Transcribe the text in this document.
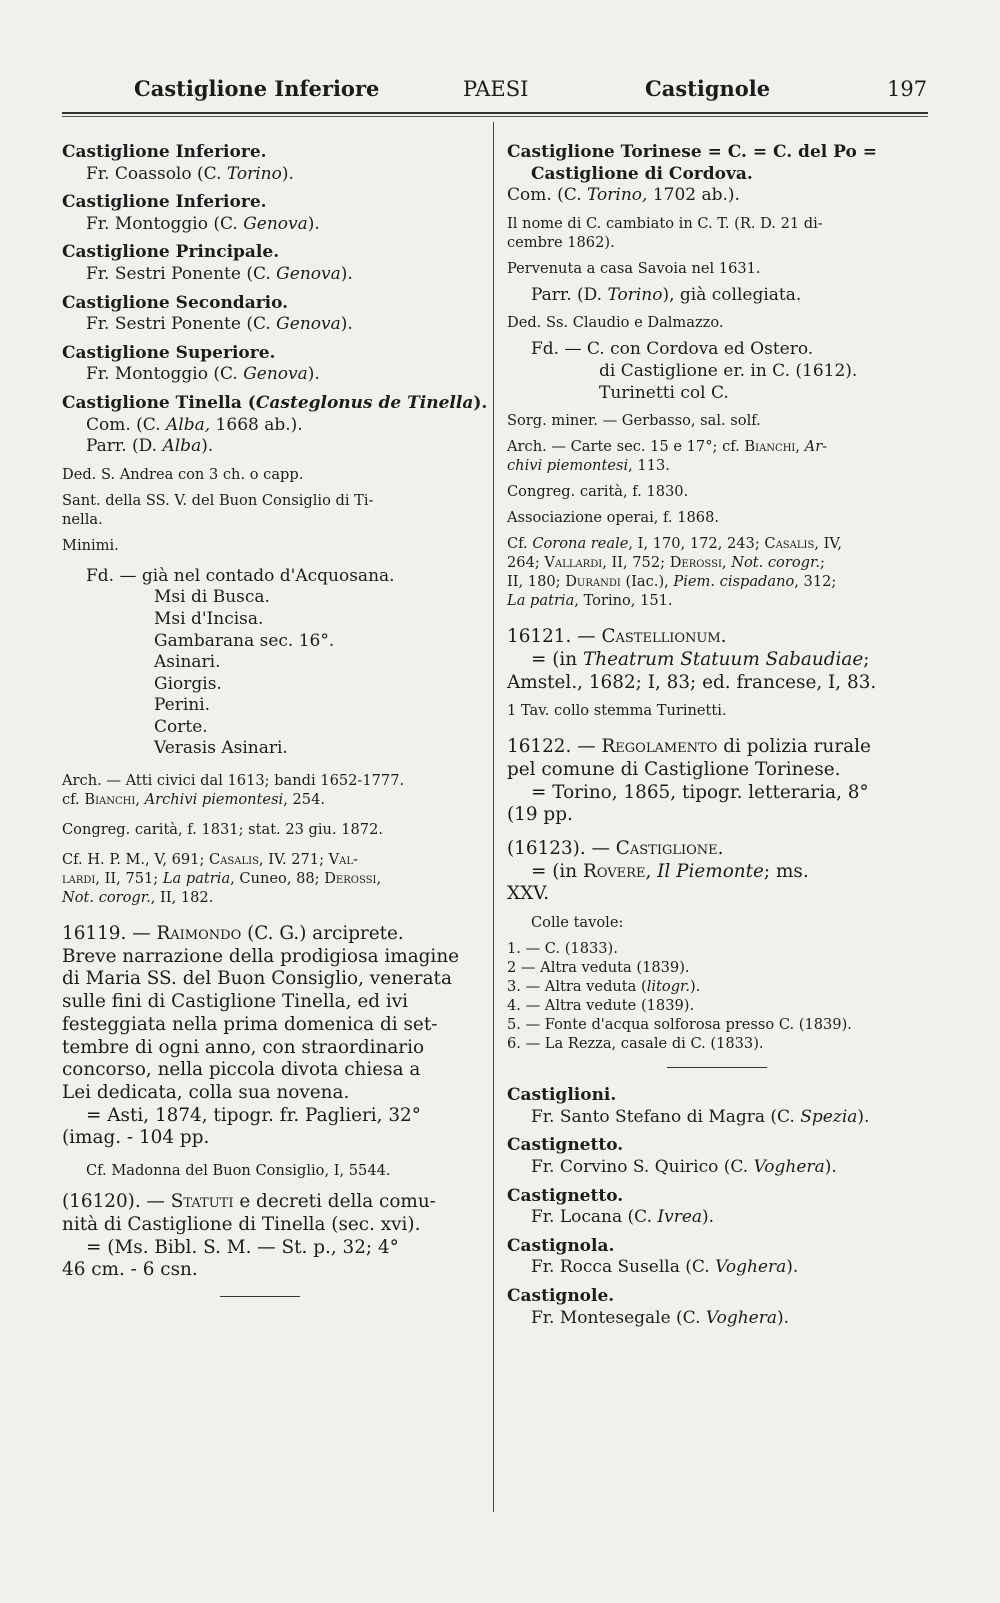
Castiglione Inferiore	PAESI	Castignole	197
Castiglione Inferiore.
Fr. Coassolo (C. Torino).
Castiglione Inferiore.
Fr. Montoggio (C. Genova).
Castiglione Principale.
Fr. Sestri Ponente (C. Genova).
Castiglione Secondario.
Fr. Sestri Ponente (C. Genova).
Castiglione Superiore.
Fr. Montoggio (C. Genova).
Castiglione Tinella (Casteglonus de Tinella).
Com. (C. Alba, 1668 ab.).
Parr. (D. Alba).
Ded. S. Andrea con 3 ch. o capp.
Sant. della SS. V. del Buon Consiglio di Ti-
nella.
Minimi.
Fd. — già nel contado d'Acquosana.
Msi di Busca.
Msi d'Incisa.
Gambarana sec. 16°.
Asinari.
Giorgis.
Perini.
Corte.
Verasis Asinari.
Arch. — Atti civici dal 1613; bandi 1652-1777.
cf. Bianchi, Archivi piemontesi, 254.
Congreg. carità, f. 1831; stat. 23 giu. 1872.
Cf. H. P. M., V, 691; Casalis, IV. 271; Val-
lardi, II, 751; La patria, Cuneo, 88; Derossi,
Not. corogr., II, 182.
16119. — Raimondo (C. G.) arciprete.
Breve narrazione della prodigiosa imagine
di Maria SS. del Buon Consiglio, venerata
sulle fini di Castiglione Tinella, ed ivi
festeggiata nella prima domenica di set-
tembre di ogni anno, con straordinario
concorso, nella piccola divota chiesa a
Lei dedicata, colla sua novena.
= Asti, 1874, tipogr. fr. Paglieri, 32°
(imag. - 104 pp.
Cf. Madonna del Buon Consiglio, I, 5544.
(16120). — Statuti e decreti della comu-
nità di Castiglione di Tinella (sec. xvi).
= (Ms. Bibl. S. M. — St. p., 32; 4°
46 cm. - 6 csn.
Castiglione Torinese = C. = C. del Po =
Castiglione di Cordova.
Com. (C. Torino, 1702 ab.).
Il nome di C. cambiato in C. T. (R. D. 21 di-
cembre 1862).
Pervenuta a casa Savoia nel 1631.
Parr. (D. Torino), già collegiata.
Ded. Ss. Claudio e Dalmazzo.
Fd. — C. con Cordova ed Ostero.
di Castiglione er. in C. (1612).
Turinetti col C.
Sorg. miner. — Gerbasso, sal. solf.
Arch. — Carte sec. 15 e 17°; cf. Bianchi, Ar-
chivi piemontesi, 113.
Congreg. carità, f. 1830.
Associazione operai, f. 1868.
Cf. Corona reale, I, 170, 172, 243; Casalis, IV,
264; Vallardi, II, 752; Derossi, Not. corogr.;
II, 180; Durandi (Iac.), Piem. cispadano, 312;
La patria, Torino, 151.
16121. — Castellionum.
= (in Theatrum Statuum Sabaudiae;
Amstel., 1682; I, 83; ed. francese, I, 83.
1 Tav. collo stemma Turinetti.
16122. — Regolamento di polizia rurale
pel comune di Castiglione Torinese.
= Torino, 1865, tipogr. letteraria, 8°
(19 pp.
(16123). — Castiglione.
= (in Rovere, Il Piemonte; ms.
XXV.
Colle tavole:
1. — C. (1833).
2 — Altra veduta (1839).
3. — Altra veduta (litogr.).
4. — Altra vedute (1839).
5. — Fonte d'acqua solforosa presso C. (1839).
6. — La Rezza, casale di C. (1833).
Castiglioni.
Fr. Santo Stefano di Magra (C. Spezia).
Castignetto.
Fr. Corvino S. Quirico (C. Voghera).
Castignetto.
Fr. Locana (C. Ivrea).
Castignola.
Fr. Rocca Susella (C. Voghera).
Castignole.
Fr. Montesegale (C. Voghera).
